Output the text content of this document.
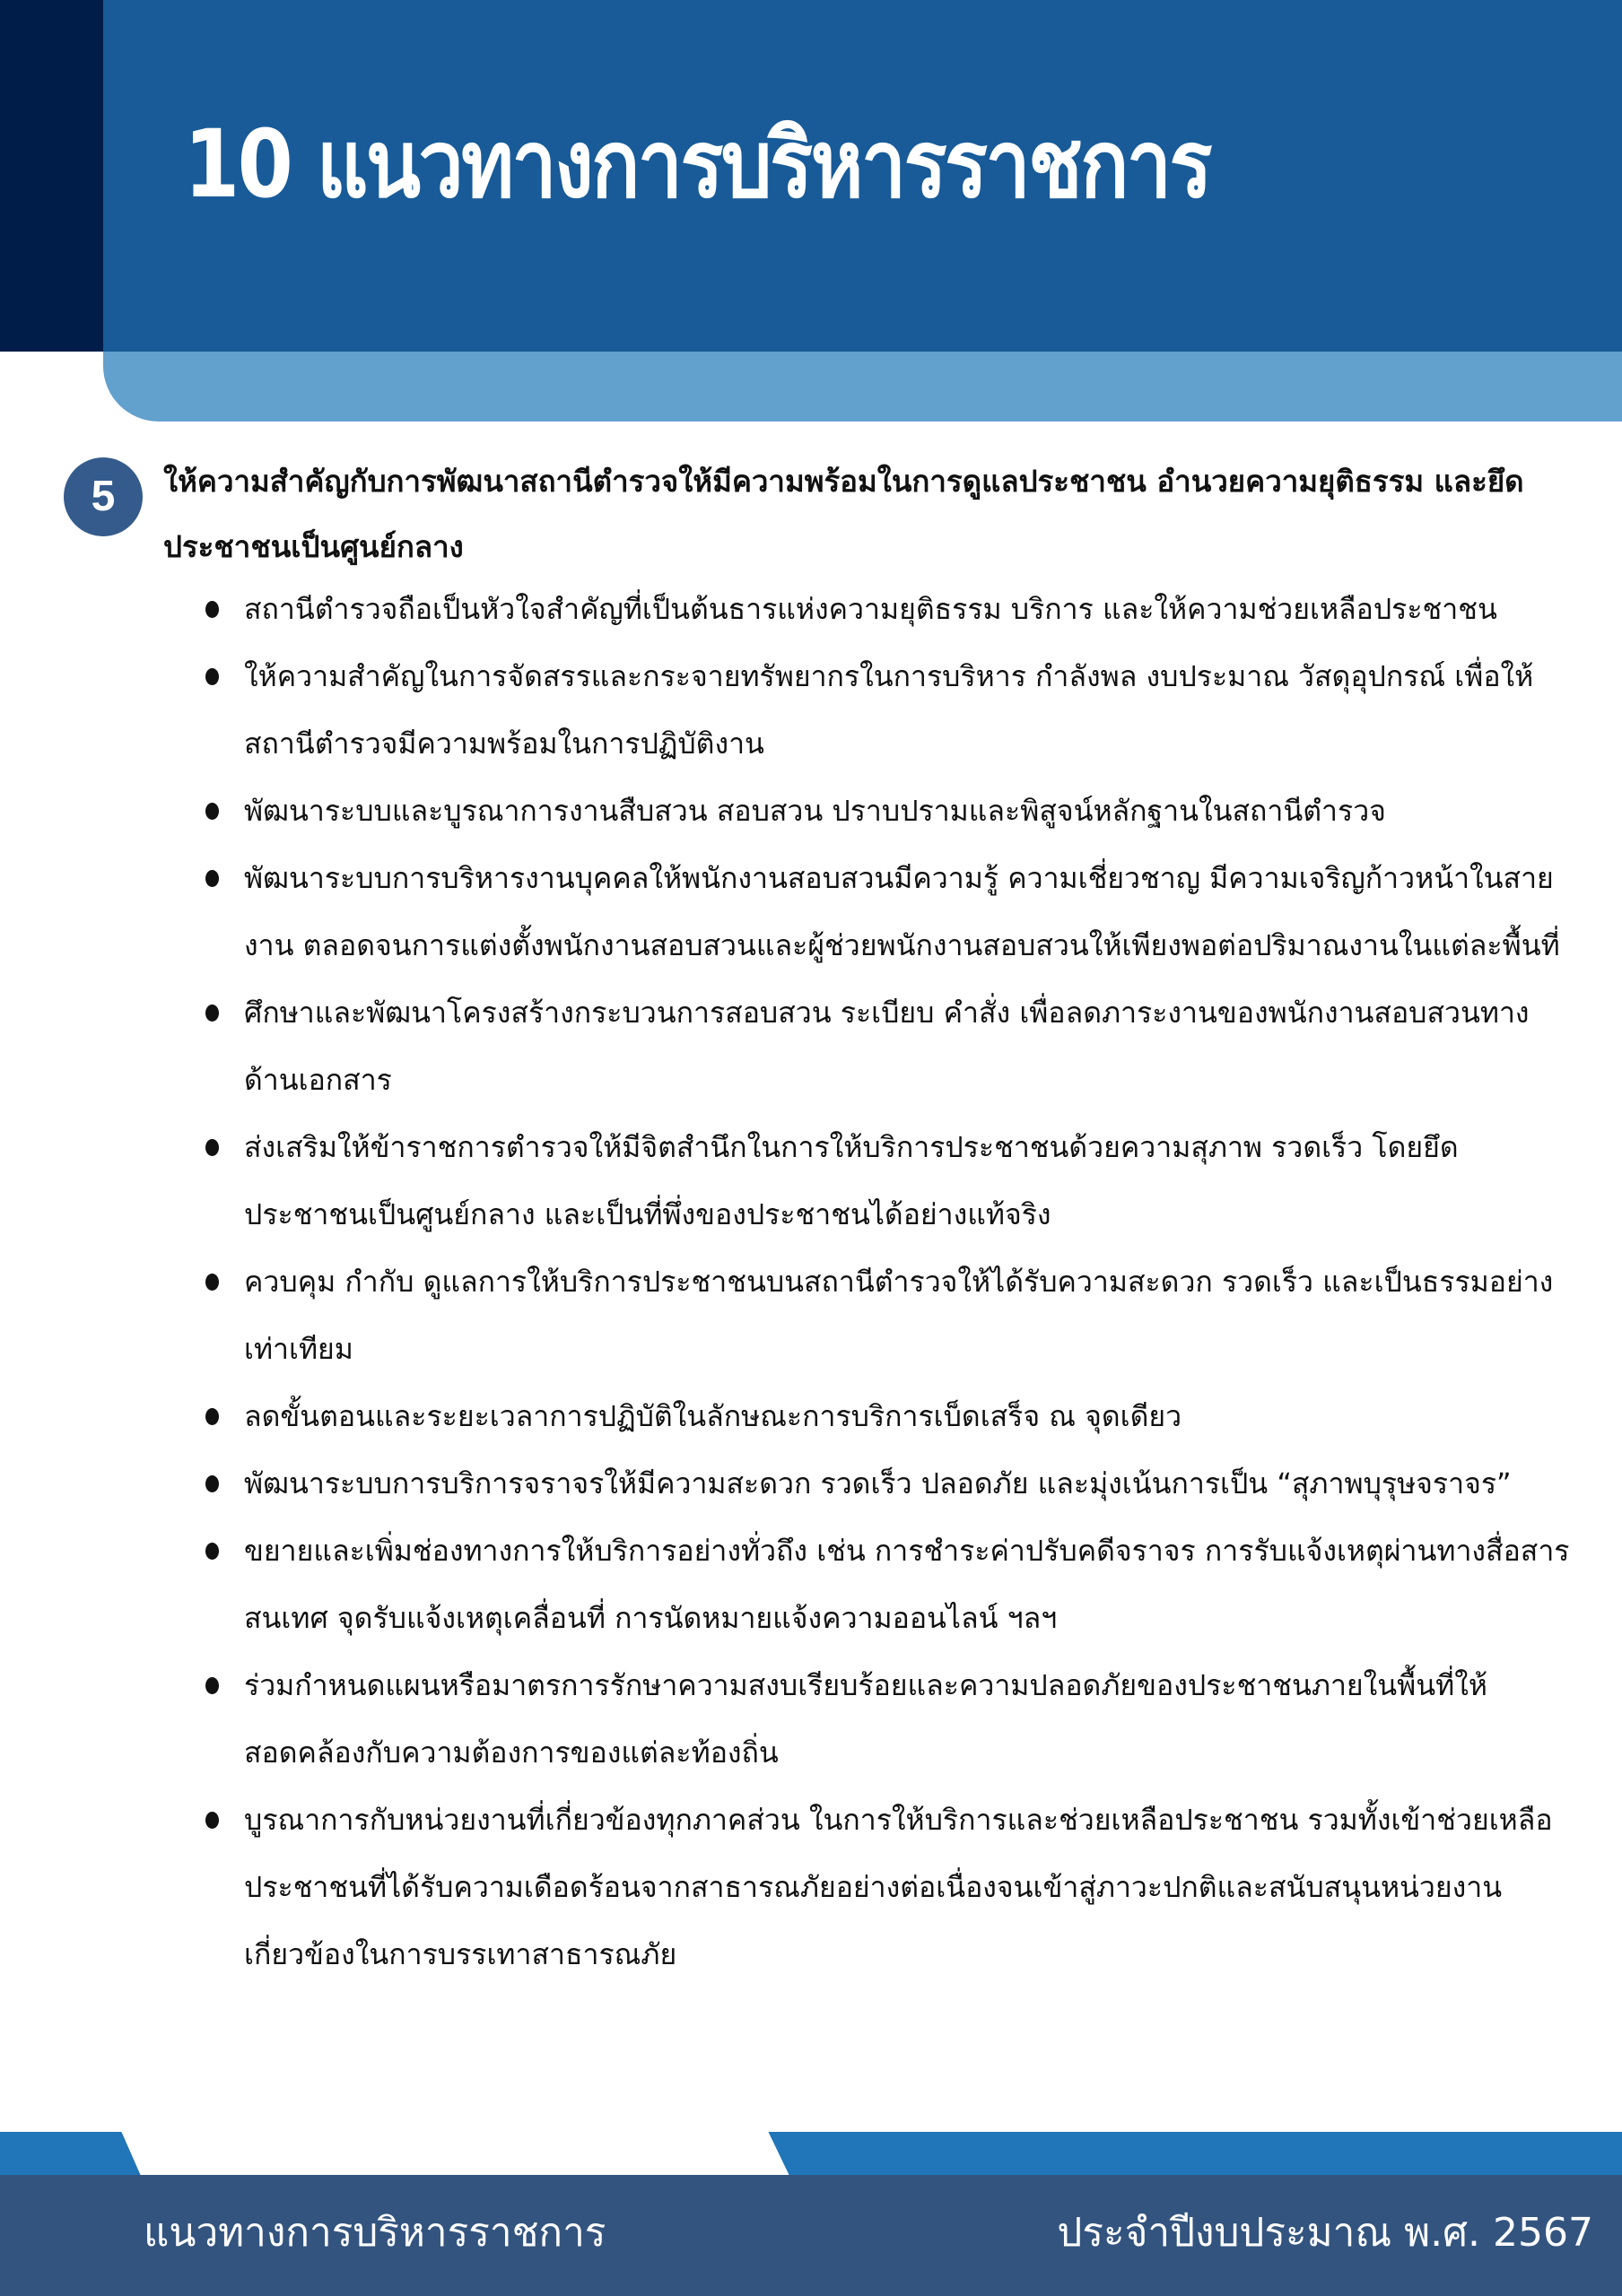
10 แนวทางการบริหารราชการ
5	ให้ความสำคัญกับการพัฒนาสถานีตำรวจให้มีความพร้อมในการดูแลประชาชน อำนวยความยุติธรรม และยึดประชาชนเป็นศูนย์กลาง
สถานีตำรวจถือเป็นหัวใจสำคัญที่เป็นต้นธารแห่งความยุติธรรม บริการ และให้ความช่วยเหลือประชาชน
ให้ความสำคัญในการจัดสรรและกระจายทรัพยากรในการบริหาร กำลังพล งบประมาณ วัสดุอุปกรณ์ เพื่อให้สถานีตำรวจมีความพร้อมในการปฏิบัติงาน
พัฒนาระบบและบูรณาการงานสืบสวน สอบสวน ปราบปรามและพิสูจน์หลักฐานในสถานีตำรวจ
พัฒนาระบบการบริหารงานบุคคลให้พนักงานสอบสวนมีความรู้ ความเชี่ยวชาญ มีความเจริญก้าวหน้าในสายงาน ตลอดจนการแต่งตั้งพนักงานสอบสวนและผู้ช่วยพนักงานสอบสวนให้เพียงพอต่อปริมาณงานในแต่ละพื้นที่
ศึกษาและพัฒนาโครงสร้างกระบวนการสอบสวน ระเบียบ คำสั่ง เพื่อลดภาระงานของพนักงานสอบสวนทางด้านเอกสาร
ส่งเสริมให้ข้าราชการตำรวจให้มีจิตสำนึกในการให้บริการประชาชนด้วยความสุภาพ รวดเร็ว โดยยึดประชาชนเป็นศูนย์กลาง และเป็นที่พึ่งของประชาชนได้อย่างแท้จริง
ควบคุม กำกับ ดูแลการให้บริการประชาชนบนสถานีตำรวจให้ได้รับความสะดวก รวดเร็ว และเป็นธรรมอย่างเท่าเทียม
ลดขั้นตอนและระยะเวลาการปฏิบัติในลักษณะการบริการเบ็ดเสร็จ ณ จุดเดียว
พัฒนาระบบการบริการจราจรให้มีความสะดวก รวดเร็ว ปลอดภัย และมุ่งเน้นการเป็น “สุภาพบุรุษจราจร”
ขยายและเพิ่มช่องทางการให้บริการอย่างทั่วถึง เช่น การชำระค่าปรับคดีจราจร การรับแจ้งเหตุผ่านทางสื่อสารสนเทศ จุดรับแจ้งเหตุเคลื่อนที่ การนัดหมายแจ้งความออนไลน์ ฯลฯ
ร่วมกำหนดแผนหรือมาตรการรักษาความสงบเรียบร้อยและความปลอดภัยของประชาชนภายในพื้นที่ให้สอดคล้องกับความต้องการของแต่ละท้องถิ่น
บูรณาการกับหน่วยงานที่เกี่ยวข้องทุกภาคส่วน ในการให้บริการและช่วยเหลือประชาชน รวมทั้งเข้าช่วยเหลือประชาชนที่ได้รับความเดือดร้อนจากสาธารณภัยอย่างต่อเนื่องจนเข้าสู่ภาวะปกติและสนับสนุนหน่วยงานเกี่ยวข้องในการบรรเทาสาธารณภัย
แนวทางการบริหารราชการ	ประจำปีงบประมาณ พ.ศ. 2567
